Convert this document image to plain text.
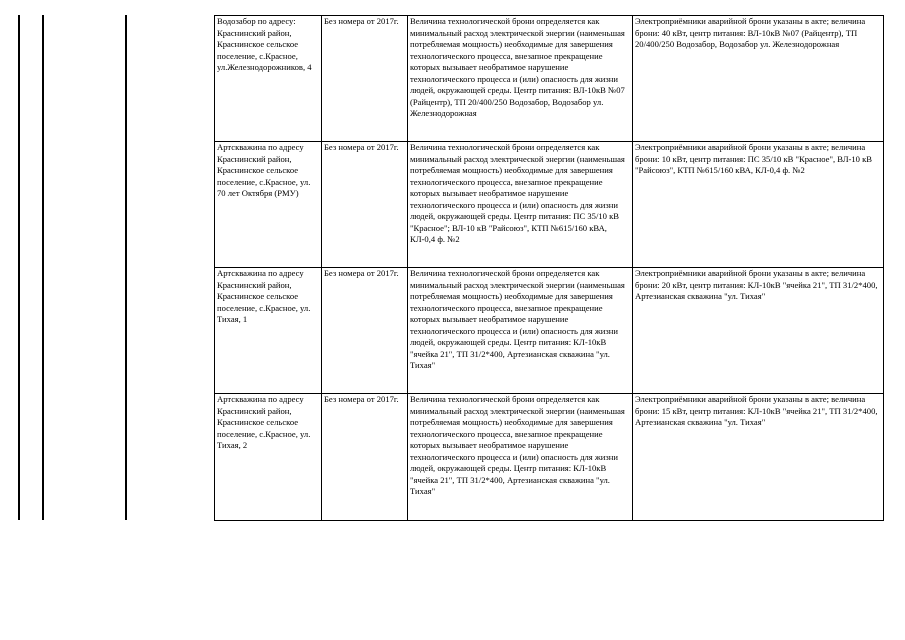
Водозабор по адресу: Краснинский район, Краснинское сельское поселение, с.Красное, ул.Железнодорожников, 4	Без номера от 2017г.	Величина технологической брони определяется как минимальный расход электрической энергии (наименьшая потребляемая мощность) необходимые для завершения технологического процесса, внезапное прекращение которых вызывает необратимое нарушение технологического процесса и (или) опасность для жизни людей, окружающей среды. Центр питания: ВЛ-10кВ №07 (Райцентр), ТП 20/400/250 Водозабор, Водозабор ул. Железнодорожная	Электроприёмники аварийной брони указаны в акте; величина брони: 40 кВт, центр питания: ВЛ-10кВ №07 (Райцентр), ТП 20/400/250 Водозабор, Водозабор ул. Железнодорожная
Артскважина по адресу Краснинский район, Краснинское сельское поселение, с.Красное, ул. 70 лет Октября (РМУ)	Без номера от 2017г.	Величина технологической брони определяется как минимальный расход электрической энергии (наименьшая потребляемая мощность) необходимые для завершения технологического процесса, внезапное прекращение которых вызывает необратимое нарушение технологического процесса и (или) опасность для жизни людей, окружающей среды. Центр питания: ПС 35/10 кВ "Красное"; ВЛ-10 кВ "Райсоюз", КТП №615/160 кВА, КЛ-0,4 ф. №2	Электроприёмники аварийной брони указаны в акте; величина брони: 10 кВт, центр питания: ПС 35/10 кВ "Красное", ВЛ-10 кВ "Райсоюз", КТП №615/160 кВА, КЛ-0,4 ф. №2
Артскважина по адресу Краснинский район, Краснинское сельское поселение, с.Красное, ул. Тихая, 1	Без номера от 2017г.	Величина технологической брони определяется как минимальный расход электрической энергии (наименьшая потребляемая мощность) необходимые для завершения технологического процесса, внезапное прекращение которых вызывает необратимое нарушение технологического процесса и (или) опасность для жизни людей, окружающей среды. Центр питания: КЛ-10кВ "ячейка 21", ТП 31/2*400, Артезианская скважина "ул. Тихая"	Электроприёмники аварийной брони указаны в акте; величина брони: 20 кВт, центр питания: КЛ-10кВ "ячейка 21", ТП 31/2*400, Артезианская скважина "ул. Тихая"
Артскважина по адресу Краснинский район, Краснинское сельское поселение, с.Красное, ул. Тихая, 2	Без номера от 2017г.	Величина технологической брони определяется как минимальный расход электрической энергии (наименьшая потребляемая мощность) необходимые для завершения технологического процесса, внезапное прекращение которых вызывает необратимое нарушение технологического процесса и (или) опасность для жизни людей, окружающей среды. Центр питания: КЛ-10кВ "ячейка 21", ТП 31/2*400, Артезианская скважина "ул. Тихая"	Электроприёмники аварийной брони указаны в акте; величина брони: 15 кВт, центр питания: КЛ-10кВ "ячейка 21", ТП 31/2*400, Артезианская скважина "ул. Тихая"
